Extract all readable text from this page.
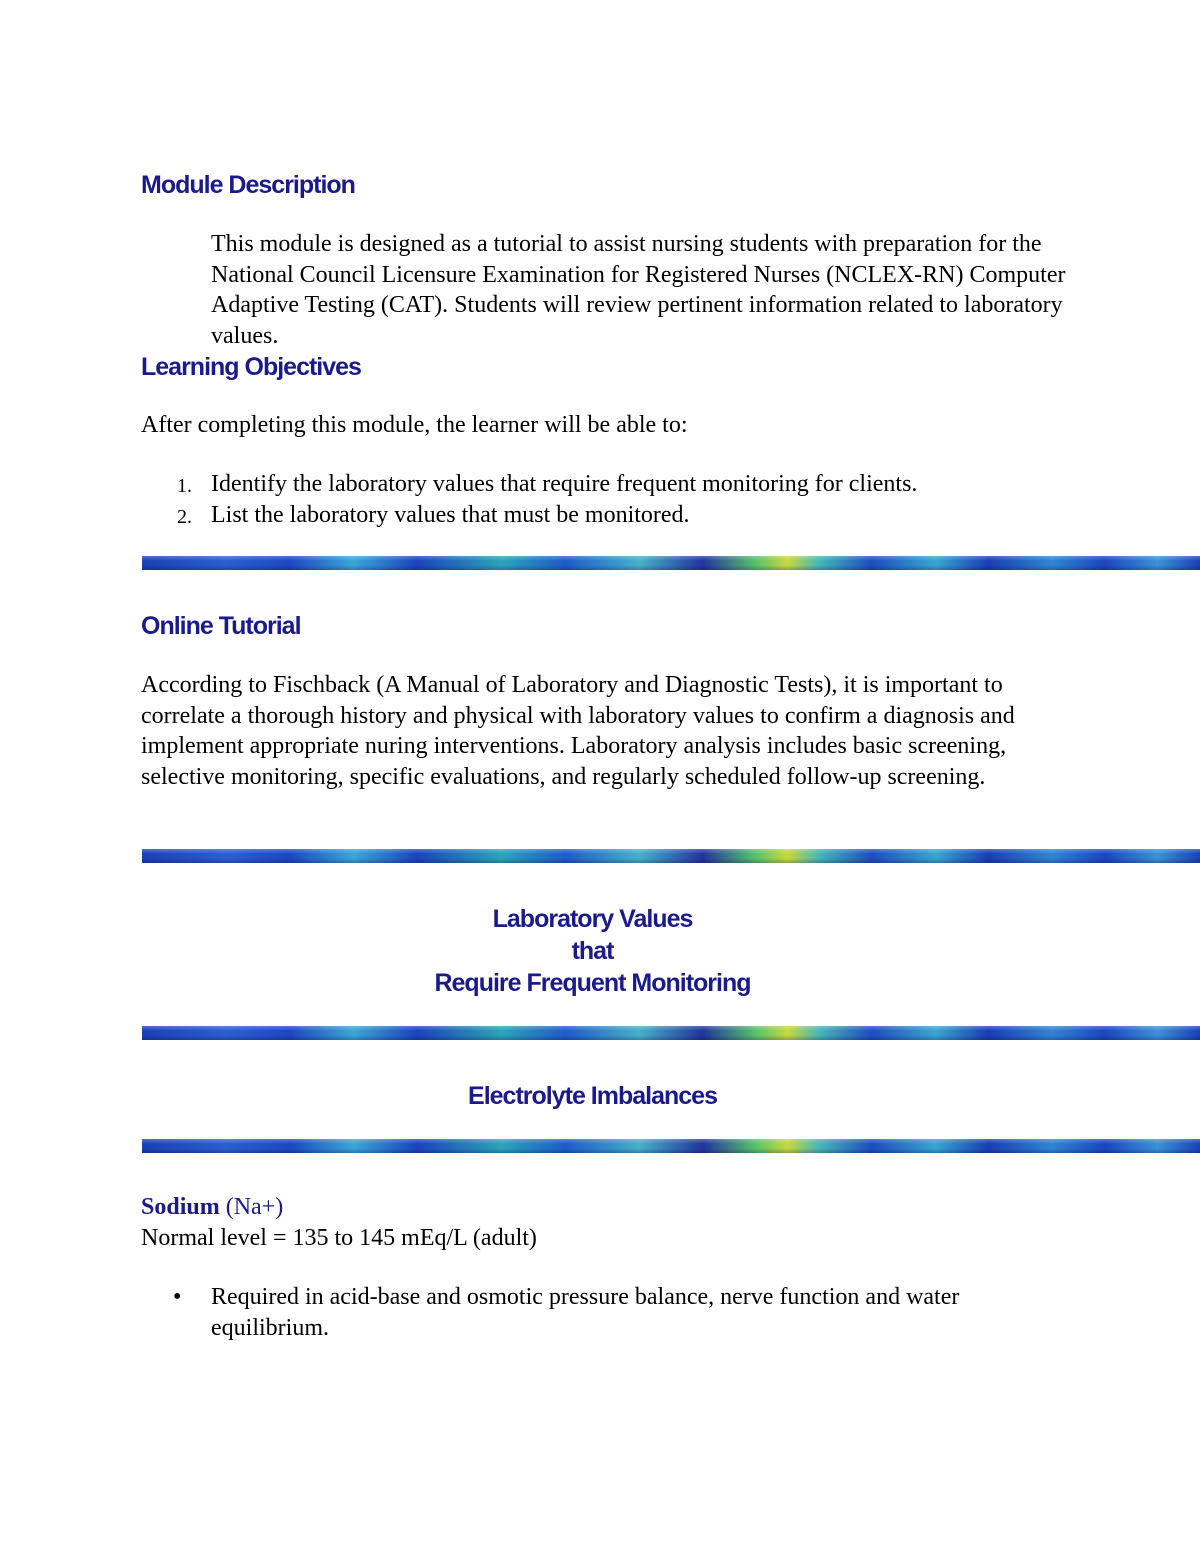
Module Description

This module is designed as a tutorial to assist nursing students with preparation for the National Council Licensure Examination for Registered Nurses (NCLEX-RN) Computer Adaptive Testing (CAT). Students will review pertinent information related to laboratory values.

Learning Objectives

After completing this module, the learner will be able to:

1. Identify the laboratory values that require frequent monitoring for clients.
2. List the laboratory values that must be monitored.
Online Tutorial

According to Fischback (A Manual of Laboratory and Diagnostic Tests), it is important to correlate a thorough history and physical with laboratory values to confirm a diagnosis and implement appropriate nuring interventions. Laboratory analysis includes basic screening, selective monitoring, specific evaluations, and regularly scheduled follow-up screening.

Laboratory Values

that

Require Frequent Monitoring

Electrolyte Imbalances

Sodium (Na+)
Normal level = 135 to 145 mEq/L (adult)
• Required in acid-base and osmotic pressure balance, nerve function and water equilibrium.
